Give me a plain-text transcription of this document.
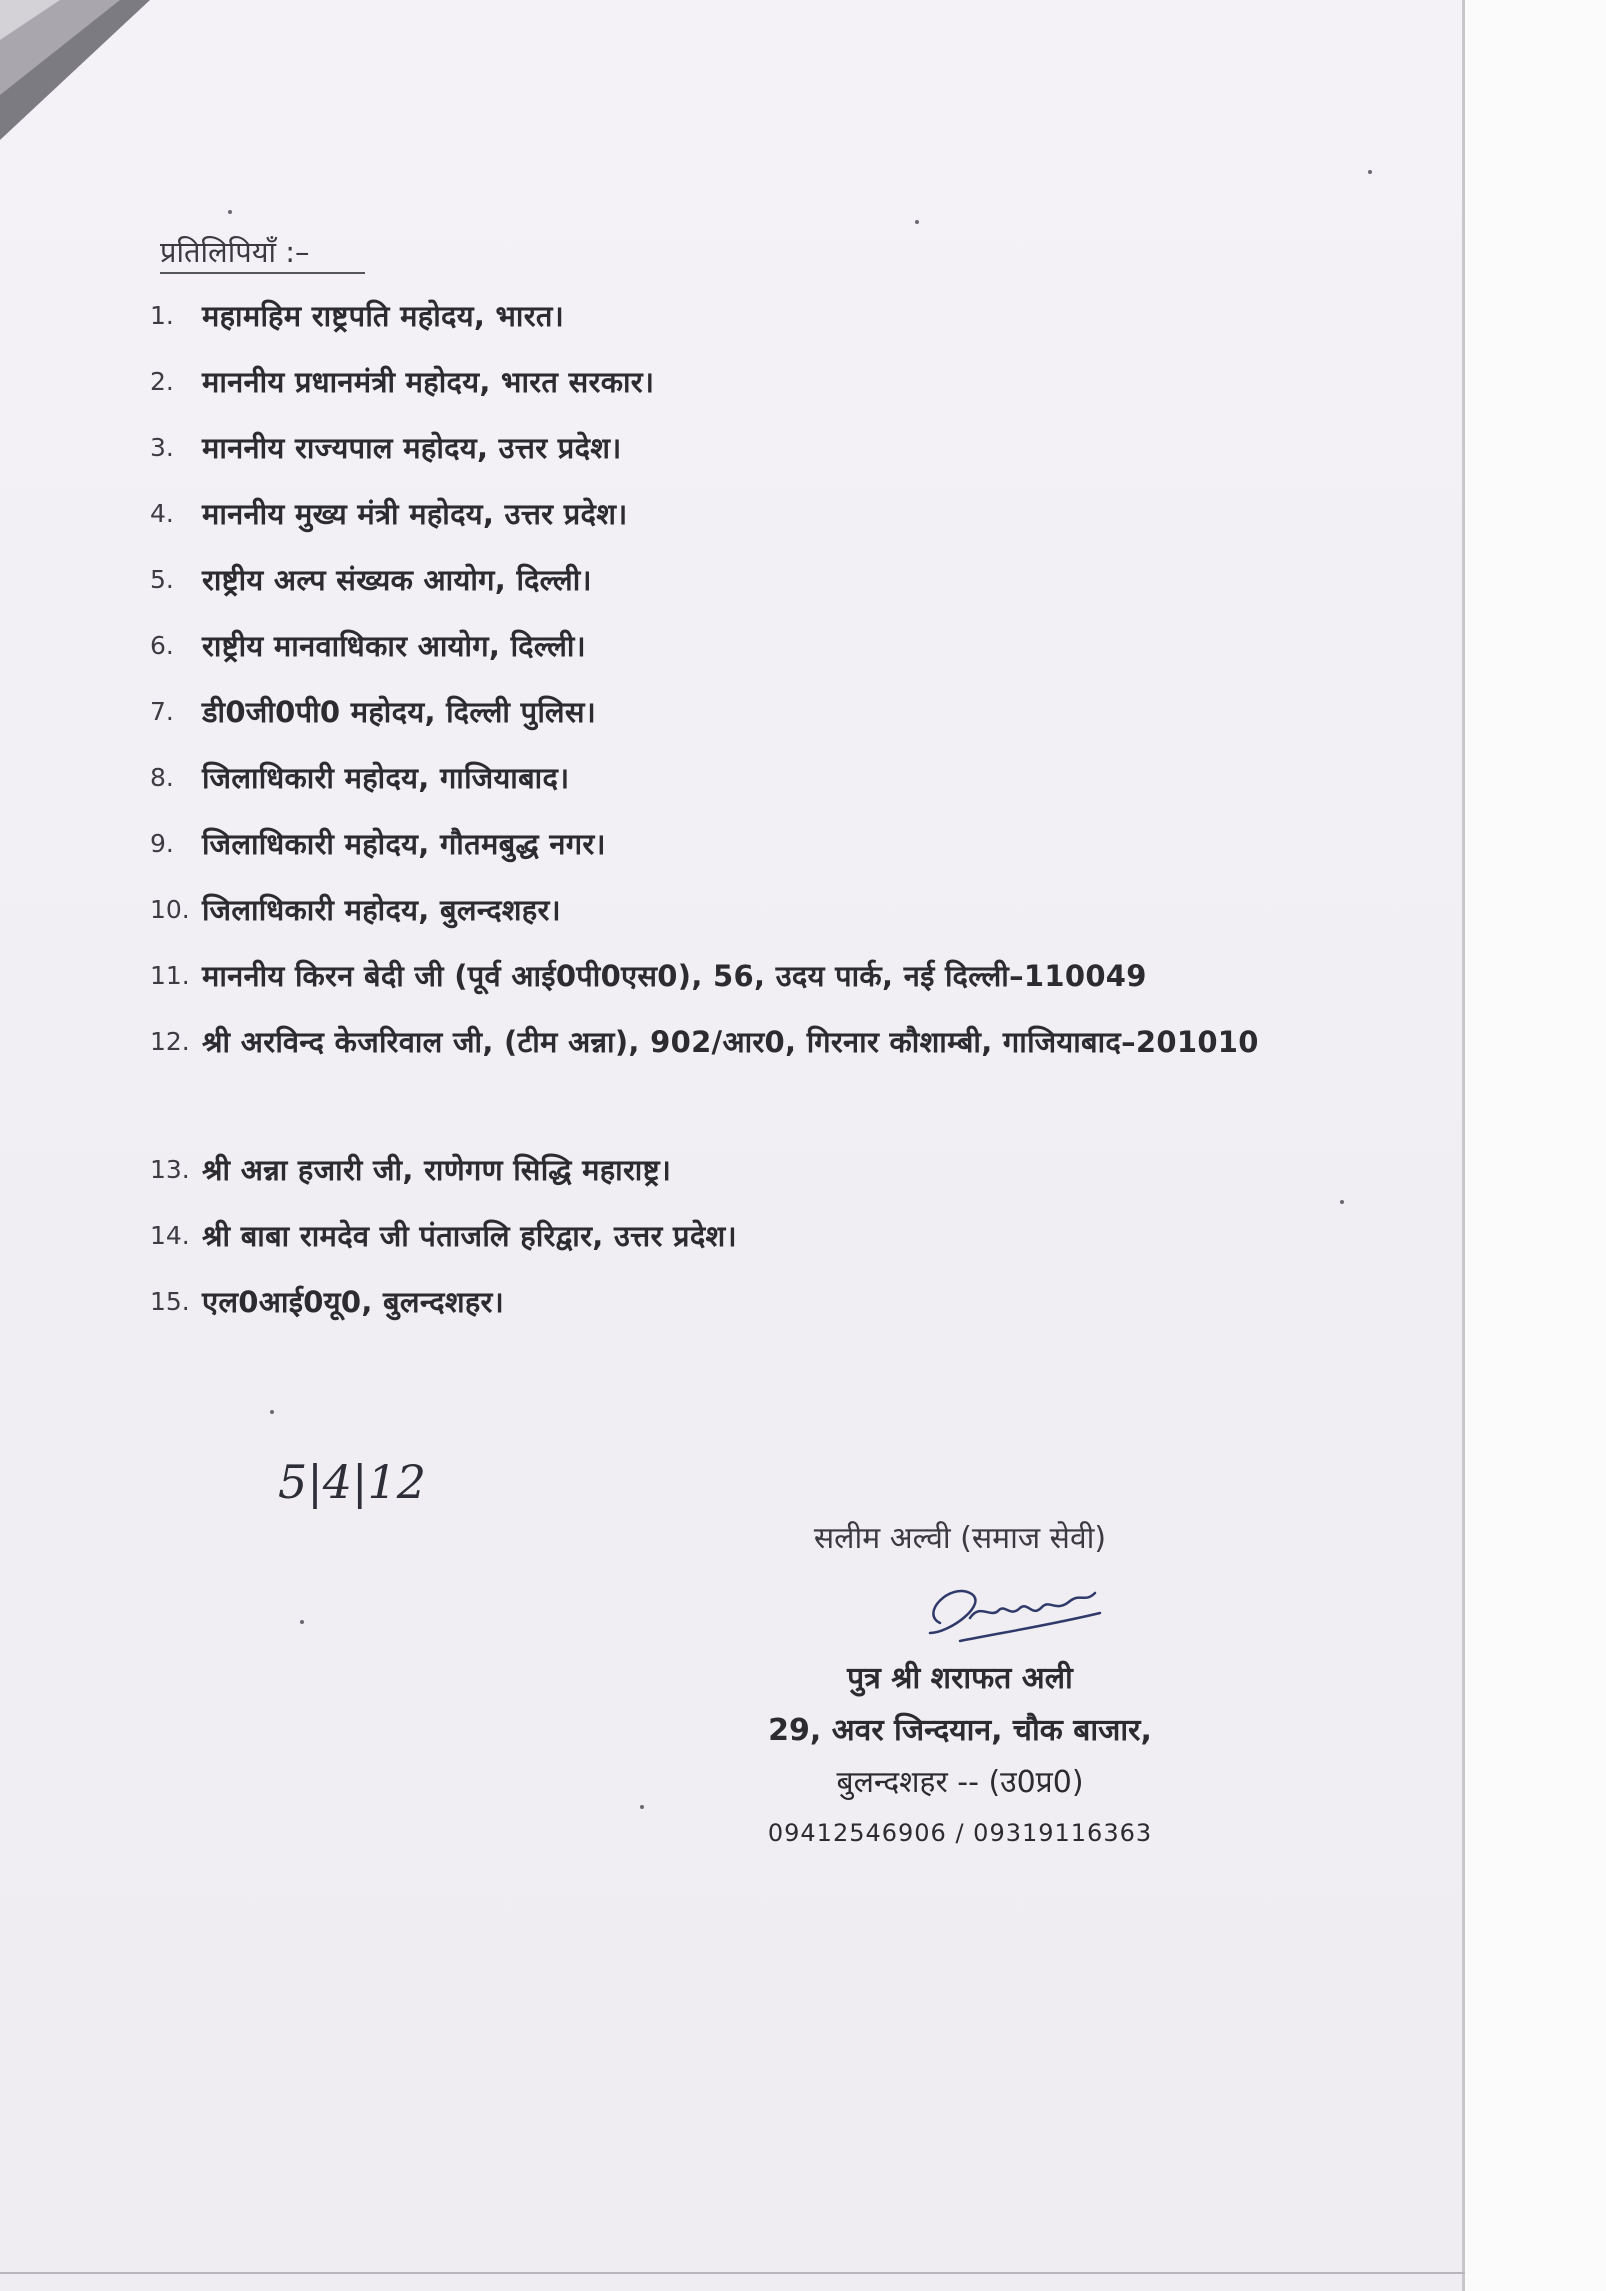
प्रतिलिपियाँ :–
1. महामहिम राष्ट्रपति महोदय, भारत।
2. माननीय प्रधानमंत्री महोदय, भारत सरकार।
3. माननीय राज्यपाल महोदय, उत्तर प्रदेश।
4. माननीय मुख्य मंत्री महोदय, उत्तर प्रदेश।
5. राष्ट्रीय अल्प संख्यक आयोग, दिल्ली।
6. राष्ट्रीय मानवाधिकार आयोग, दिल्ली।
7. डी0जी0पी0 महोदय, दिल्ली पुलिस।
8. जिलाधिकारी महोदय, गाजियाबाद।
9. जिलाधिकारी महोदय, गौतमबुद्ध नगर।
10. जिलाधिकारी महोदय, बुलन्दशहर।
11. माननीय किरन बेदी जी (पूर्व आई0पी0एस0), 56, उदय पार्क, नई दिल्ली–110049
12. श्री अरविन्द केजरिवाल जी, (टीम अन्ना), 902/आर0, गिरनार कौशाम्बी, गाजियाबाद–201010
13. श्री अन्ना हजारी जी, राणेगण सिद्धि महाराष्ट्र।
14. श्री बाबा रामदेव जी पंताजलि हरिद्वार, उत्तर प्रदेश।
15. एल0आई0यू0, बुलन्दशहर।
5|4|12
सलीम अल्वी (समाज सेवी)
पुत्र श्री शराफत अली
29, अवर जिन्दयान, चौक बाजार,
बुलन्दशहर -- (उ0प्र0)
09412546906 / 09319116363
